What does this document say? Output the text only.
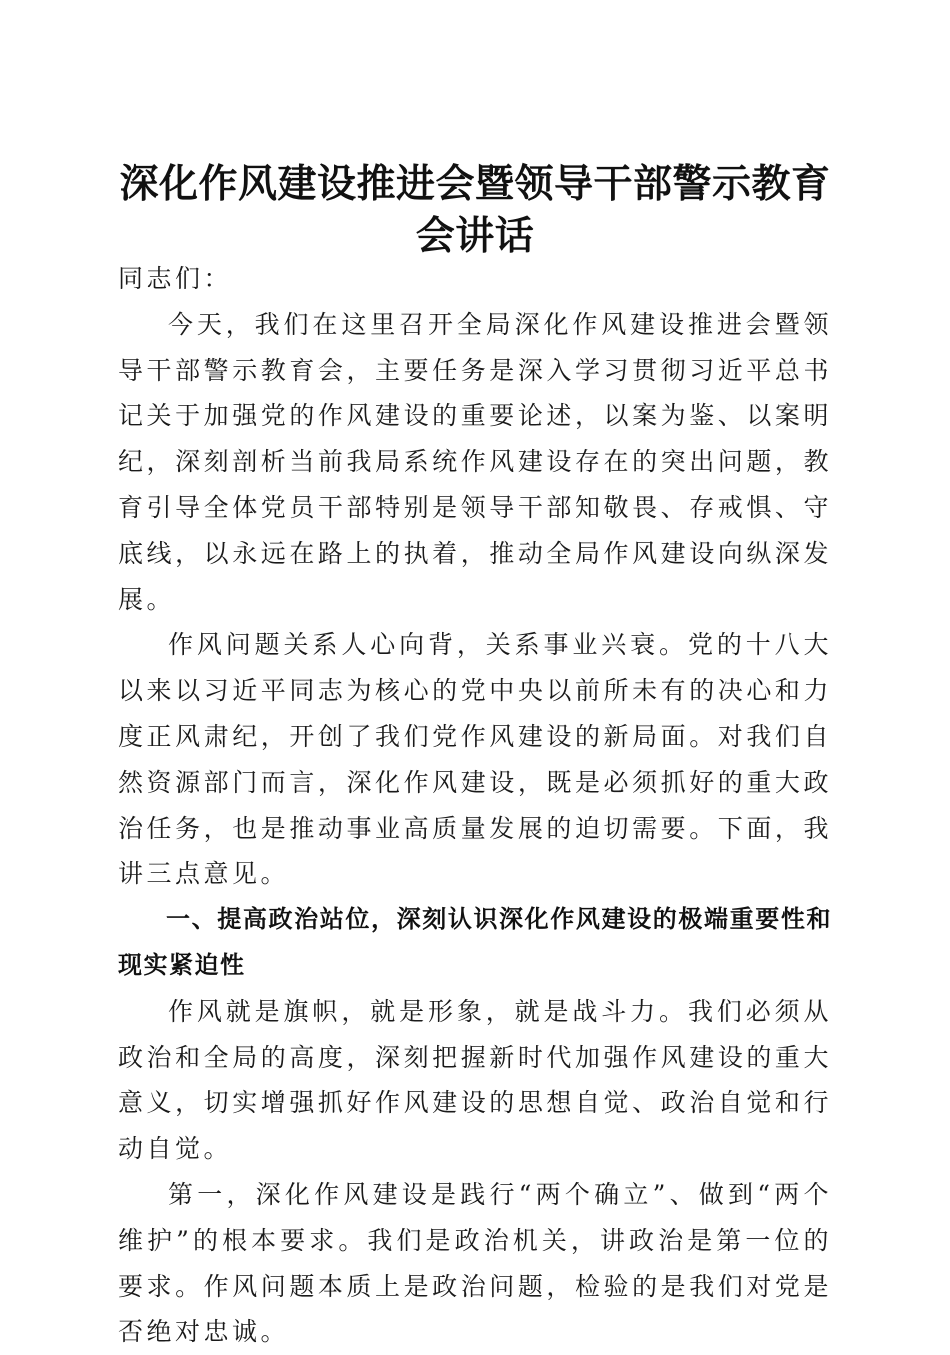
深化作风建设推进会暨领导干部警示教育会讲话

同志们：

今天，我们在这里召开全局深化作风建设推进会暨领导干部警示教育会，主要任务是深入学习贯彻习近平总书记关于加强党的作风建设的重要论述，以案为鉴、以案明纪，深刻剖析当前我局系统作风建设存在的突出问题，教育引导全体党员干部特别是领导干部知敬畏、存戒惧、守底线，以永远在路上的执着，推动全局作风建设向纵深发展。

作风问题关系人心向背，关系事业兴衰。党的十八大以来以习近平同志为核心的党中央以前所未有的决心和力度正风肃纪，开创了我们党作风建设的新局面。对我们自然资源部门而言，深化作风建设，既是必须抓好的重大政治任务，也是推动事业高质量发展的迫切需要。下面，我讲三点意见。

一、提高政治站位，深刻认识深化作风建设的极端重要性和现实紧迫性

作风就是旗帜，就是形象，就是战斗力。我们必须从政治和全局的高度，深刻把握新时代加强作风建设的重大意义，切实增强抓好作风建设的思想自觉、政治自觉和行动自觉。

第一，深化作风建设是践行“两个确立”、做到“两个维护”的根本要求。我们是政治机关，讲政治是第一位的要求。作风问题本质上是政治问题，检验的是我们对党是否绝对忠诚。
